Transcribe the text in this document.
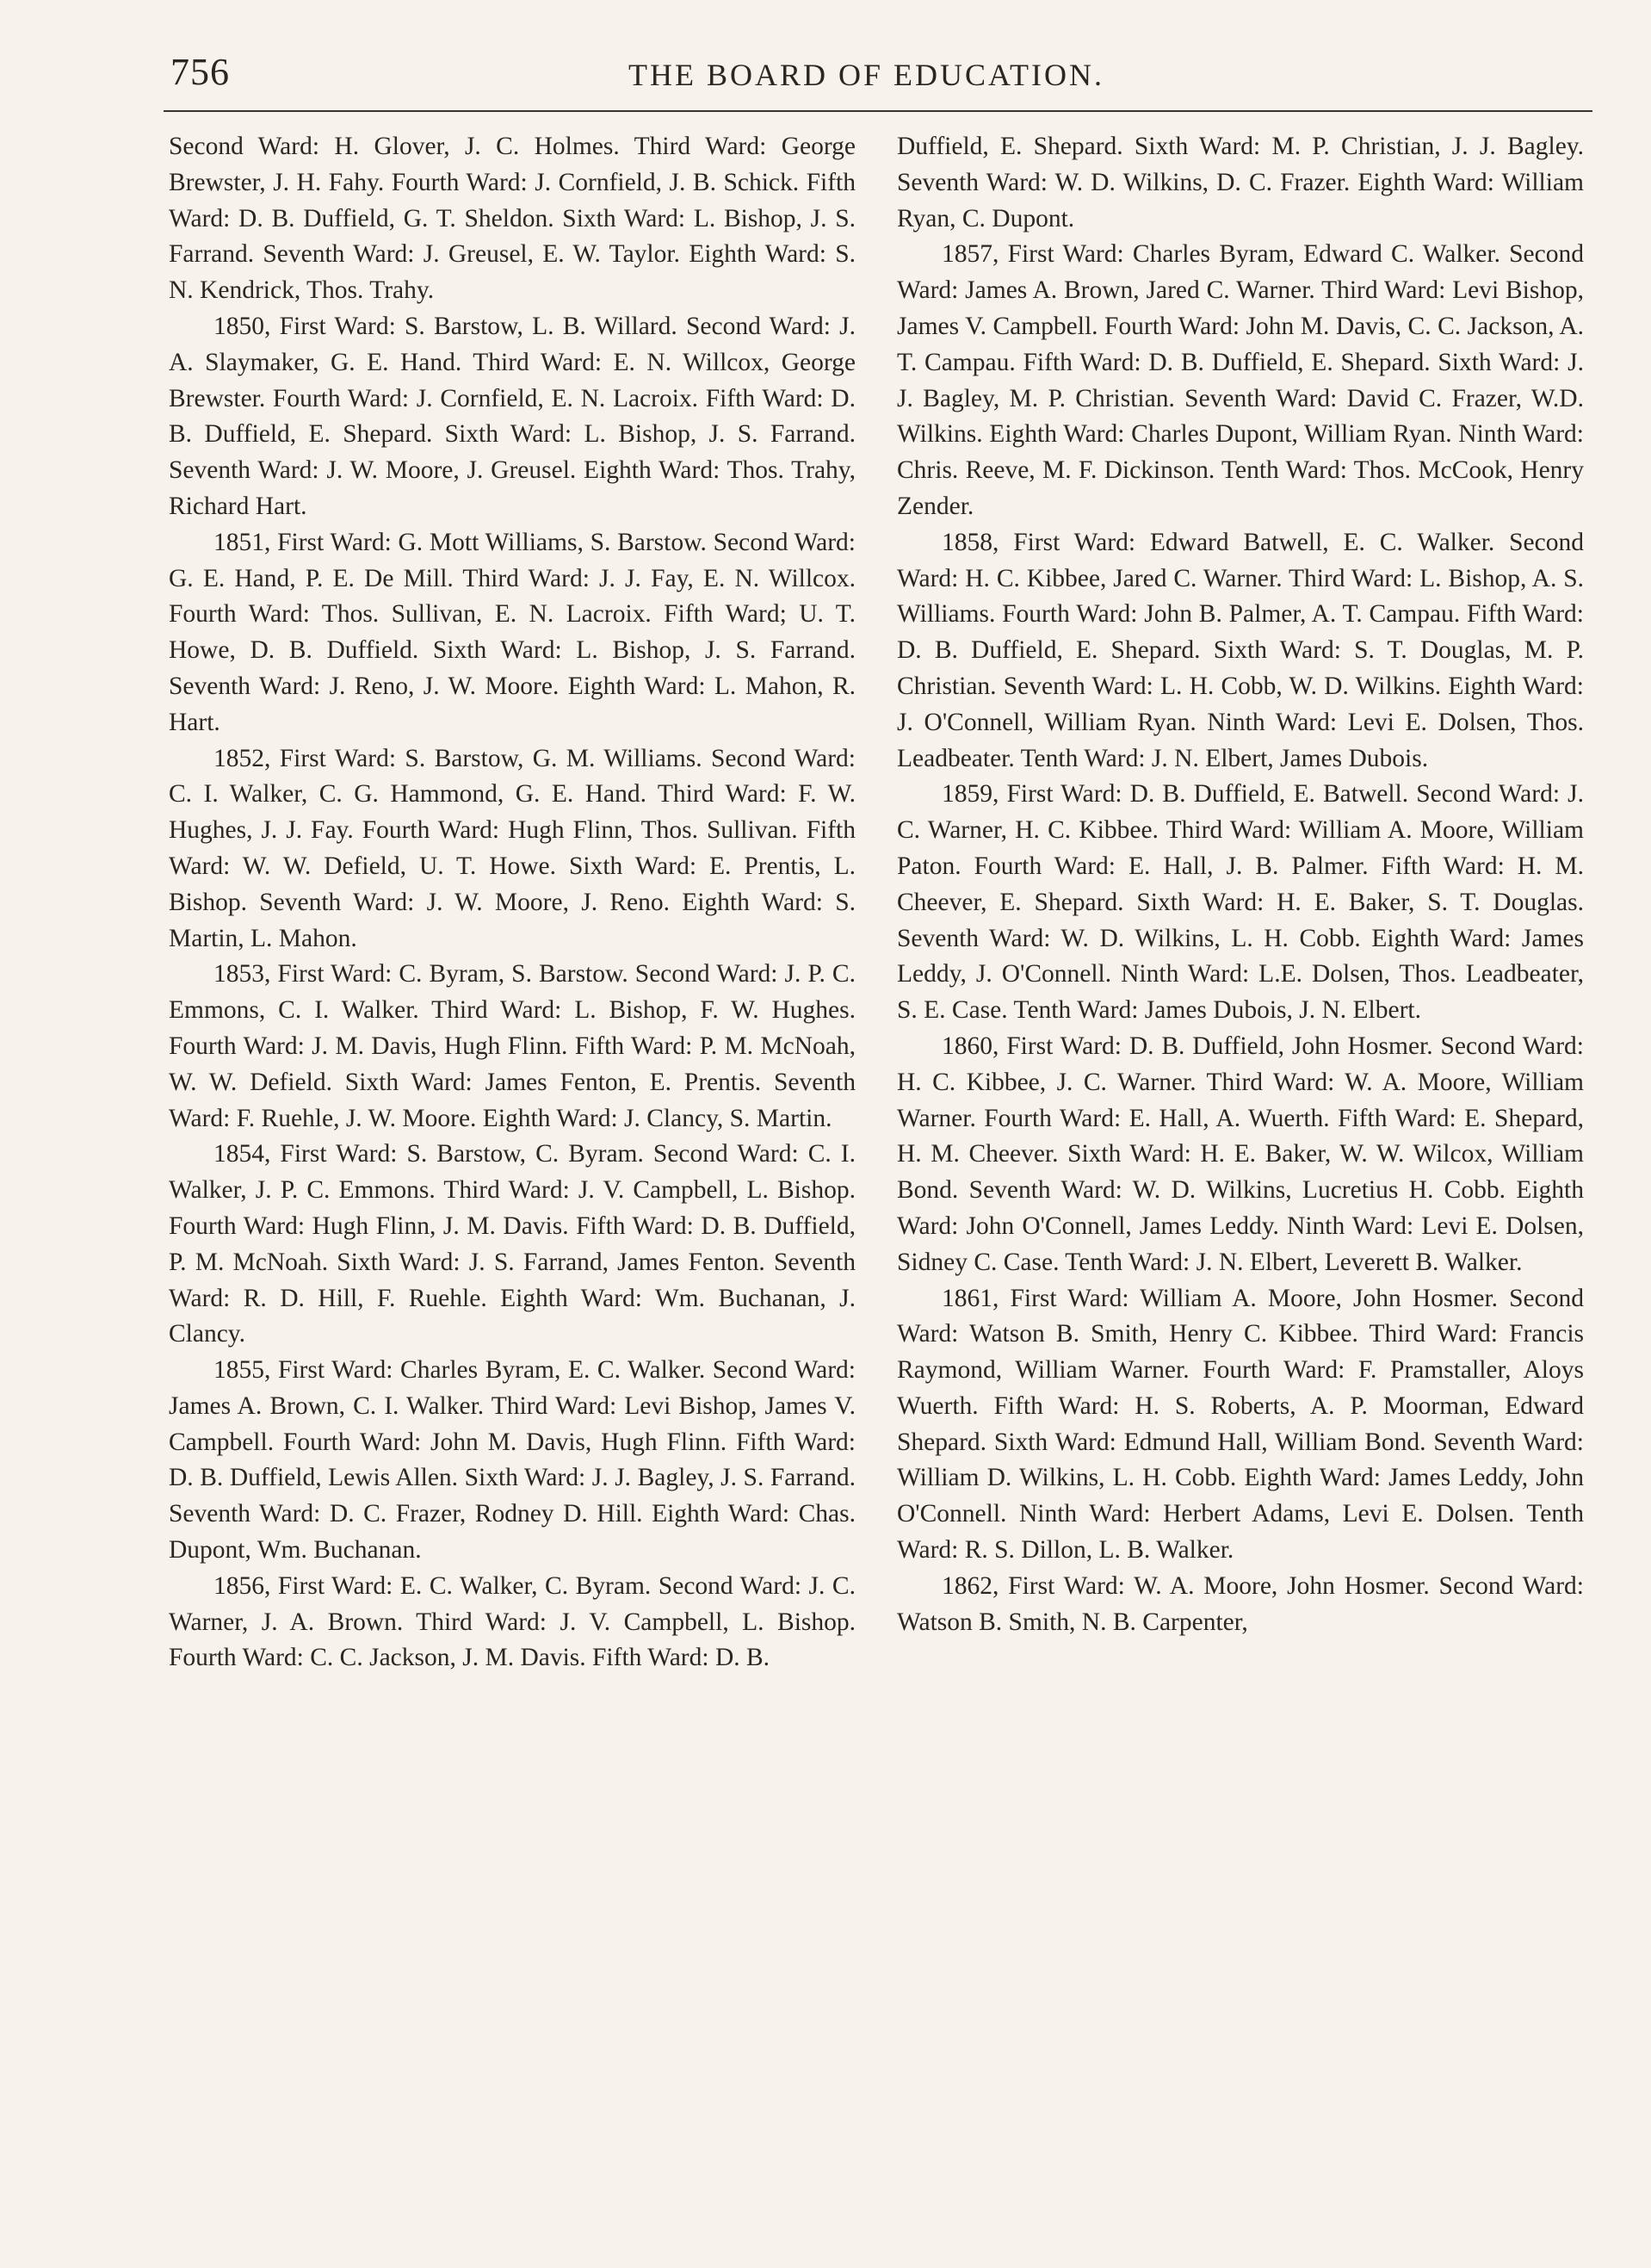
756	THE BOARD OF EDUCATION.

Second Ward: H. Glover, J. C. Holmes. Third Ward: George Brewster, J. H. Fahy. Fourth Ward: J. Cornfield, J. B. Schick. Fifth Ward: D. B. Duffield, G. T. Sheldon. Sixth Ward: L. Bishop, J. S. Farrand. Seventh Ward: J. Greusel, E. W. Taylor. Eighth Ward: S. N. Kendrick, Thos. Trahy.

1850, First Ward: S. Barstow, L. B. Willard. Second Ward: J. A. Slaymaker, G. E. Hand. Third Ward: E. N. Willcox, George Brewster. Fourth Ward: J. Cornfield, E. N. Lacroix. Fifth Ward: D. B. Duffield, E. Shepard. Sixth Ward: L. Bishop, J. S. Farrand. Seventh Ward: J. W. Moore, J. Greusel. Eighth Ward: Thos. Trahy, Richard Hart.

1851, First Ward: G. Mott Williams, S. Barstow. Second Ward: G. E. Hand, P. E. De Mill. Third Ward: J. J. Fay, E. N. Willcox. Fourth Ward: Thos. Sullivan, E. N. Lacroix. Fifth Ward; U. T. Howe, D. B. Duffield. Sixth Ward: L. Bishop, J. S. Farrand. Seventh Ward: J. Reno, J. W. Moore. Eighth Ward: L. Mahon, R. Hart.

1852, First Ward: S. Barstow, G. M. Williams. Second Ward: C. I. Walker, C. G. Hammond, G. E. Hand. Third Ward: F. W. Hughes, J. J. Fay. Fourth Ward: Hugh Flinn, Thos. Sullivan. Fifth Ward: W. W. Defield, U. T. Howe. Sixth Ward: E. Prentis, L. Bishop. Seventh Ward: J. W. Moore, J. Reno. Eighth Ward: S. Martin, L. Mahon.

1853, First Ward: C. Byram, S. Barstow. Second Ward: J. P. C. Emmons, C. I. Walker. Third Ward: L. Bishop, F. W. Hughes. Fourth Ward: J. M. Davis, Hugh Flinn. Fifth Ward: P. M. McNoah, W. W. Defield. Sixth Ward: James Fenton, E. Prentis. Seventh Ward: F. Ruehle, J. W. Moore. Eighth Ward: J. Clancy, S. Martin.

1854, First Ward: S. Barstow, C. Byram. Second Ward: C. I. Walker, J. P. C. Emmons. Third Ward: J. V. Campbell, L. Bishop. Fourth Ward: Hugh Flinn, J. M. Davis. Fifth Ward: D. B. Duffield, P. M. McNoah. Sixth Ward: J. S. Farrand, James Fenton. Seventh Ward: R. D. Hill, F. Ruehle. Eighth Ward: Wm. Buchanan, J. Clancy.

1855, First Ward: Charles Byram, E. C. Walker. Second Ward: James A. Brown, C. I. Walker. Third Ward: Levi Bishop, James V. Campbell. Fourth Ward: John M. Davis, Hugh Flinn. Fifth Ward: D. B. Duffield, Lewis Allen. Sixth Ward: J. J. Bagley, J. S. Farrand. Seventh Ward: D. C. Frazer, Rodney D. Hill. Eighth Ward: Chas. Dupont, Wm. Buchanan.

1856, First Ward: E. C. Walker, C. Byram. Second Ward: J. C. Warner, J. A. Brown. Third Ward: J. V. Campbell, L. Bishop. Fourth Ward: C. C. Jackson, J. M. Davis. Fifth Ward: D. B.

Duffield, E. Shepard. Sixth Ward: M. P. Christian, J. J. Bagley. Seventh Ward: W. D. Wilkins, D. C. Frazer. Eighth Ward: William Ryan, C. Dupont.

1857, First Ward: Charles Byram, Edward C. Walker. Second Ward: James A. Brown, Jared C. Warner. Third Ward: Levi Bishop, James V. Campbell. Fourth Ward: John M. Davis, C. C. Jackson, A. T. Campau. Fifth Ward: D. B. Duffield, E. Shepard. Sixth Ward: J. J. Bagley, M. P. Christian. Seventh Ward: David C. Frazer, W.D. Wilkins. Eighth Ward: Charles Dupont, William Ryan. Ninth Ward: Chris. Reeve, M. F. Dickinson. Tenth Ward: Thos. McCook, Henry Zender.

1858, First Ward: Edward Batwell, E. C. Walker. Second Ward: H. C. Kibbee, Jared C. Warner. Third Ward: L. Bishop, A. S. Williams. Fourth Ward: John B. Palmer, A. T. Campau. Fifth Ward: D. B. Duffield, E. Shepard. Sixth Ward: S. T. Douglas, M. P. Christian. Seventh Ward: L. H. Cobb, W. D. Wilkins. Eighth Ward: J. O'Connell, William Ryan. Ninth Ward: Levi E. Dolsen, Thos. Leadbeater. Tenth Ward: J. N. Elbert, James Dubois.

1859, First Ward: D. B. Duffield, E. Batwell. Second Ward: J. C. Warner, H. C. Kibbee. Third Ward: William A. Moore, William Paton. Fourth Ward: E. Hall, J. B. Palmer. Fifth Ward: H. M. Cheever, E. Shepard. Sixth Ward: H. E. Baker, S. T. Douglas. Seventh Ward: W. D. Wilkins, L. H. Cobb. Eighth Ward: James Leddy, J. O'Connell. Ninth Ward: L.E. Dolsen, Thos. Leadbeater, S. E. Case. Tenth Ward: James Dubois, J. N. Elbert.

1860, First Ward: D. B. Duffield, John Hosmer. Second Ward: H. C. Kibbee, J. C. Warner. Third Ward: W. A. Moore, William Warner. Fourth Ward: E. Hall, A. Wuerth. Fifth Ward: E. Shepard, H. M. Cheever. Sixth Ward: H. E. Baker, W. W. Wilcox, William Bond. Seventh Ward: W. D. Wilkins, Lucretius H. Cobb. Eighth Ward: John O'Connell, James Leddy. Ninth Ward: Levi E. Dolsen, Sidney C. Case. Tenth Ward: J. N. Elbert, Leverett B. Walker.

1861, First Ward: William A. Moore, John Hosmer. Second Ward: Watson B. Smith, Henry C. Kibbee. Third Ward: Francis Raymond, William Warner. Fourth Ward: F. Pramstaller, Aloys Wuerth. Fifth Ward: H. S. Roberts, A. P. Moorman, Edward Shepard. Sixth Ward: Edmund Hall, William Bond. Seventh Ward: William D. Wilkins, L. H. Cobb. Eighth Ward: James Leddy, John O'Connell. Ninth Ward: Herbert Adams, Levi E. Dolsen. Tenth Ward: R. S. Dillon, L. B. Walker.

1862, First Ward: W. A. Moore, John Hosmer. Second Ward: Watson B. Smith, N. B. Carpenter,
